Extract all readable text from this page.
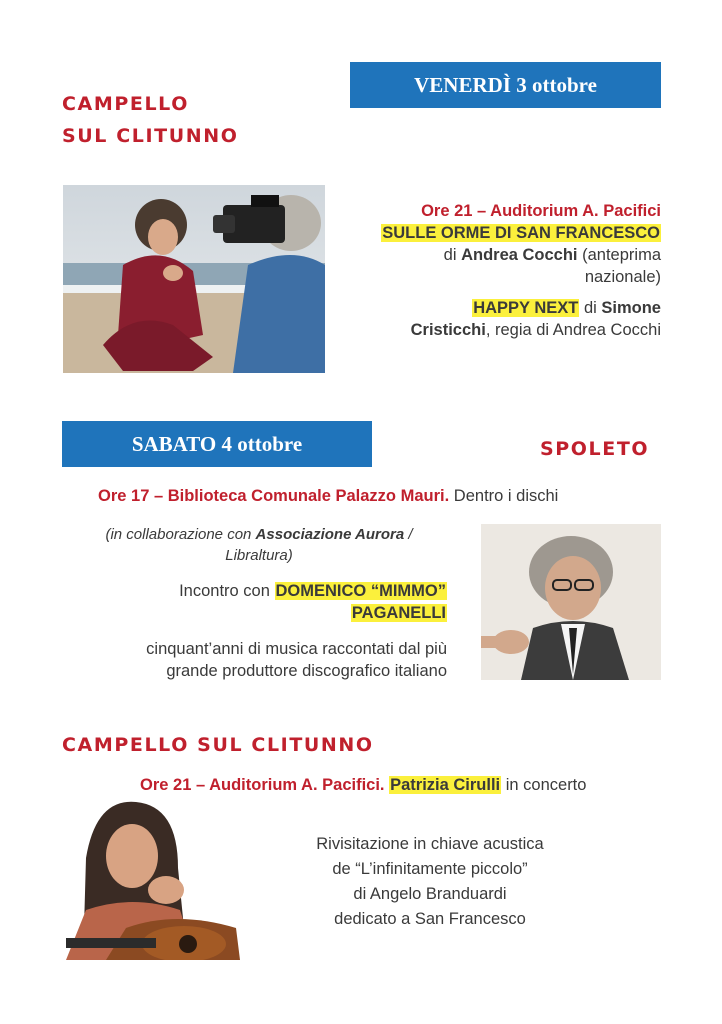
VENERDÌ 3 ottobre
CAMPELLO
SUL CLITUNNO
Ore 21 – Auditorium A. Pacifici
SULLE ORME DI SAN FRANCESCO
di Andrea Cocchi (anteprima
nazionale)
HAPPY NEXT di Simone
Cristicchi, regia di Andrea Cocchi
SABATO 4 ottobre	SPOLETO
Ore 17 – Biblioteca Comunale Palazzo Mauri. Dentro i dischi
(in collaborazione con Associazione Aurora /
Libraltura)
Incontro con DOMENICO “MIMMO”
PAGANELLI
cinquant’anni di musica raccontati dal più
grande produttore discografico italiano
CAMPELLO SUL CLITUNNO
Ore 21 – Auditorium A. Pacifici. Patrizia Cirulli in concerto
Rivisitazione in chiave acustica
de “L’infinitamente piccolo”
di Angelo Branduardi
dedicato a San Francesco
